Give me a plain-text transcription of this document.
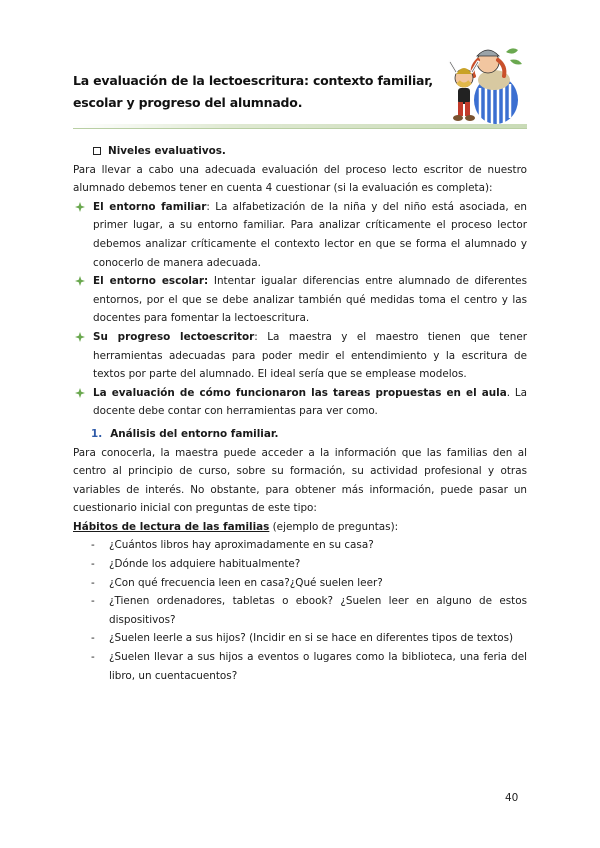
La evaluación de la lectoescritura: contexto familiar, escolar y progreso del alumnado.
Niveles evaluativos.

Para llevar a cabo una adecuada evaluación del proceso lecto escritor de nuestro alumnado debemos tener en cuenta 4 cuestionar (si la evaluación es completa):

El entorno familiar: La alfabetización de la niña y del niño está asociada, en primer lugar, a su entorno familiar. Para analizar críticamente el proceso lector debemos analizar críticamente el contexto lector en que se forma el alumnado y conocerlo de manera adecuada.
El entorno escolar: Intentar igualar diferencias entre alumnado de diferentes entornos, por el que se debe analizar también qué medidas toma el centro y las docentes para fomentar la lectoescritura.
Su progreso lectoescritor: La maestra y el maestro tienen que tener herramientas adecuadas para poder medir el entendimiento y la escritura de textos por parte del alumnado. El ideal sería que se emplease modelos.
La evaluación de cómo funcionaron las tareas propuestas en el aula. La docente debe contar con herramientas para ver como.
1. Análisis del entorno familiar.

Para conocerla, la maestra puede acceder a la información que las familias den al centro al principio de curso, sobre su formación, su actividad profesional y otras variables de interés. No obstante, para obtener más información, puede pasar un cuestionario inicial con preguntas de este tipo:

Hábitos de lectura de las familias (ejemplo de preguntas):

- ¿Cuántos libros hay aproximadamente en su casa?
- ¿Dónde los adquiere habitualmente?
- ¿Con qué frecuencia leen en casa?¿Qué suelen leer?
- ¿Tienen ordenadores, tabletas o ebook? ¿Suelen leer en alguno de estos dispositivos?
- ¿Suelen leerle a sus hijos? (Incidir en si se hace en diferentes tipos de textos)
- ¿Suelen llevar a sus hijos a eventos o lugares como la biblioteca, una feria del libro, un cuentacuentos?
40
